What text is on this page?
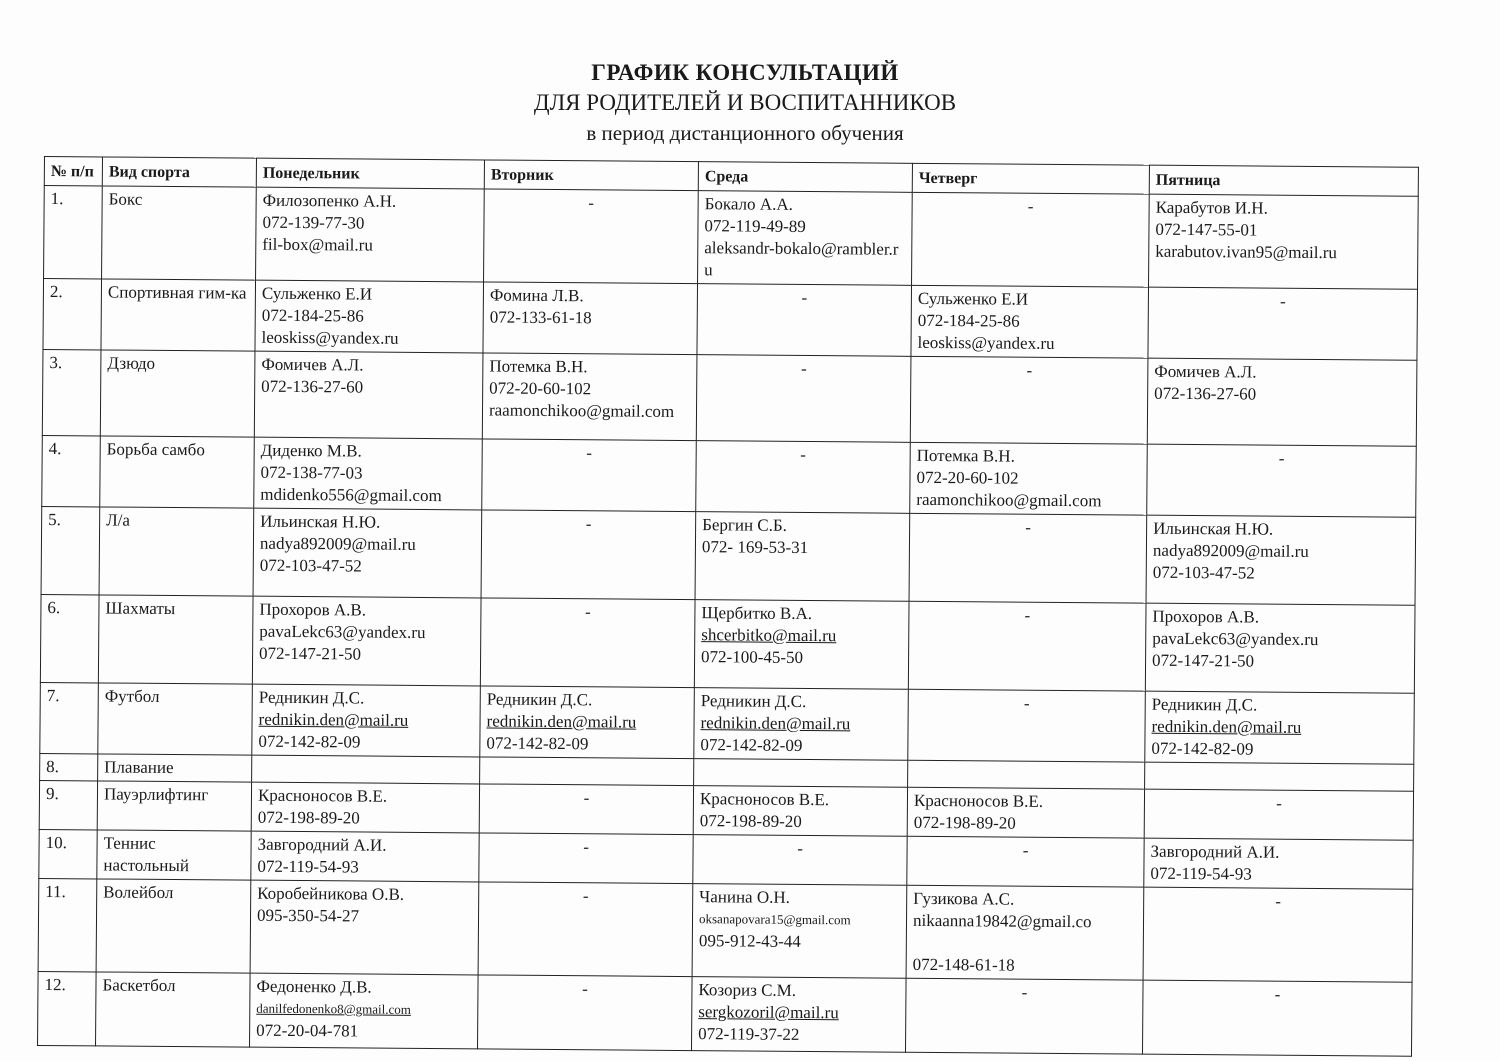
ГРАФИК КОНСУЛЬТАЦИЙ
ДЛЯ РОДИТЕЛЕЙ И ВОСПИТАННИКОВ
в период дистанционного обучения
№ п/п	Вид спорта	Понедельник	Вторник	Среда	Четверг	Пятница
1.	Бокс	Филозопенко А.Н.
072-139-77-30
fil-box@mail.ru	-	Бокало А.А.
072-119-49-89
aleksandr-bokalo@rambler.ru	-	Карабутов И.Н.
072-147-55-01
karabutov.ivan95@mail.ru

2.	Спортивная гим-ка	Сульженко Е.И
072-184-25-86
leoskiss@yandex.ru	Фомина Л.В.
072-133-61-18	-	Сульженко Е.И
072-184-25-86
leoskiss@yandex.ru	-
3.	Дзюдо	Фомичев А.Л.
072-136-27-60	Потемка В.Н.
072-20-60-102
raamonchikoo@gmail.com	-	-	Фомичев А.Л.
072-136-27-60

4.	Борьба самбо	Диденко М.В.
072-138-77-03
mdidenko556@gmail.com	-	-	Потемка В.Н.
072-20-60-102
raamonchikoo@gmail.com	-
5.	Л/а	Ильинская Н.Ю.
nadya892009@mail.ru
072-103-47-52	-	Бергин С.Б.
072- 169-53-31	-	Ильинская Н.Ю.
nadya892009@mail.ru
072-103-47-52

6.	Шахматы	Прохоров А.В.
pavaLekc63@yandex.ru
072-147-21-50	-	Щербитко В.А.
shcerbitko@mail.ru
072-100-45-50	-	Прохоров А.В.
pavaLekc63@yandex.ru
072-147-21-50

7.	Футбол	Редникин Д.С.
rednikin.den@mail.ru
072-142-82-09	Редникин Д.С.
rednikin.den@mail.ru
072-142-82-09	Редникин Д.С.
rednikin.den@mail.ru
072-142-82-09	-	Редникин Д.С.
rednikin.den@mail.ru
072-142-82-09

8.	Плавание	

9.	Пауэрлифтинг	Красноносов В.Е.
072-198-89-20	-	Красноносов В.Е.
072-198-89-20	Красноносов В.Е.
072-198-89-20	-
10.	Теннис настольный	Завгородний А.И.
072-119-54-93	-	-	-	Завгородний А.И.
072-119-54-93

11.	Волейбол	Коробейникова О.В.
095-350-54-27	-	Чанина О.Н.
oksanapovara15@gmail.com
095-912-43-44	Гузикова А.С.
nikaanna19842@gmail.co

072-148-61-18	-
12.	Баскетбол	Федоненко Д.В.
danilfedonenko8@gmail.com
072-20-04-781	-	Козориз С.М.
sergkozoril@mail.ru
072-119-37-22	-	-
